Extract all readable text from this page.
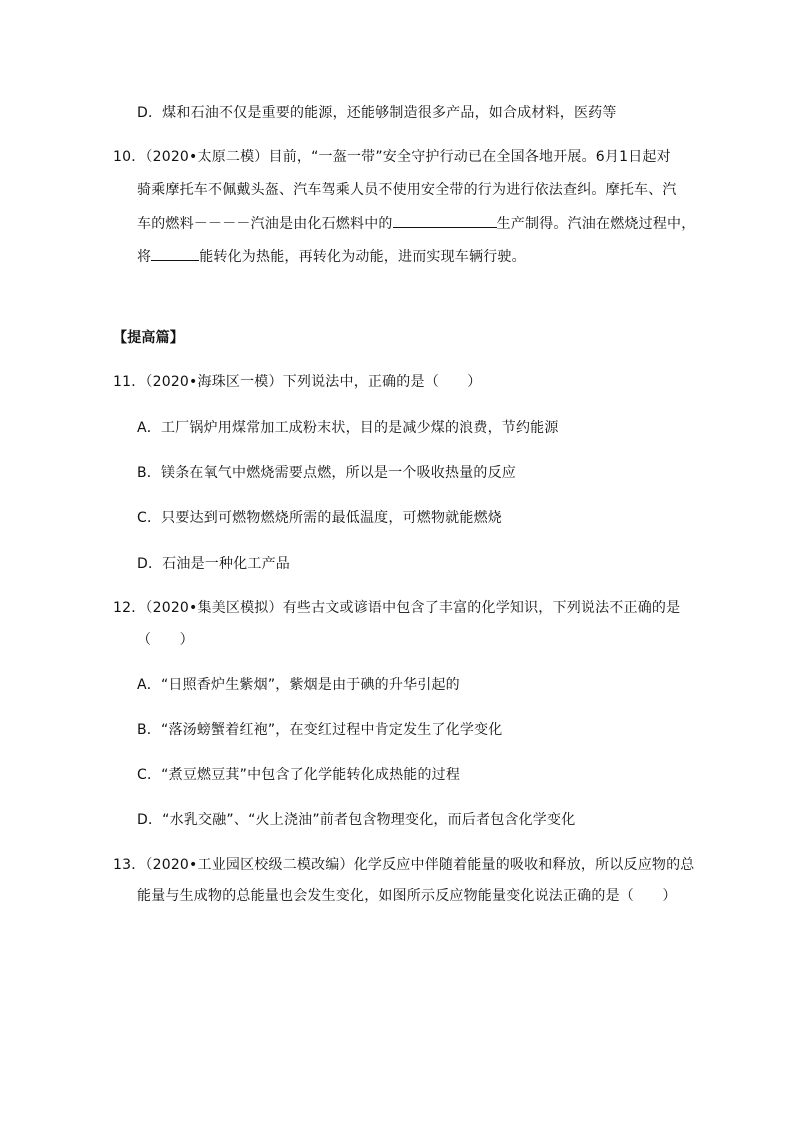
D．煤和石油不仅是重要的能源，还能够制造很多产品，如合成材料，医药等
10．（2020•太原二模）目前，“一盔一带”安全守护行动已在全国各地开展。6月1日起对
骑乘摩托车不佩戴头盔、汽车驾乘人员不使用安全带的行为进行依法查纠。摩托车、汽
车的燃料－－－－汽油是由化石燃料中的	生产制得。汽油在燃烧过程中，
将	能转化为热能，再转化为动能，进而实现车辆行驶。
【提高篇】
11．（2020•海珠区一模）下列说法中，正确的是（　　）
A．工厂锅炉用煤常加工成粉末状，目的是减少煤的浪费，节约能源
B．镁条在氧气中燃烧需要点燃，所以是一个吸收热量的反应
C．只要达到可燃物燃烧所需的最低温度，可燃物就能燃烧
D．石油是一种化工产品
12．（2020•集美区模拟）有些古文或谚语中包含了丰富的化学知识，下列说法不正确的是
（　　）
A．“日照香炉生紫烟”，紫烟是由于碘的升华引起的
B．“落汤螃蟹着红袍”，在变红过程中肯定发生了化学变化
C．“煮豆燃豆萁”中包含了化学能转化成热能的过程
D．“水乳交融”、“火上浇油”前者包含物理变化，而后者包含化学变化
13．（2020•工业园区校级二模改编）化学反应中伴随着能量的吸收和释放，所以反应物的总
能量与生成物的总能量也会发生变化，如图所示反应物能量变化说法正确的是（　　）
